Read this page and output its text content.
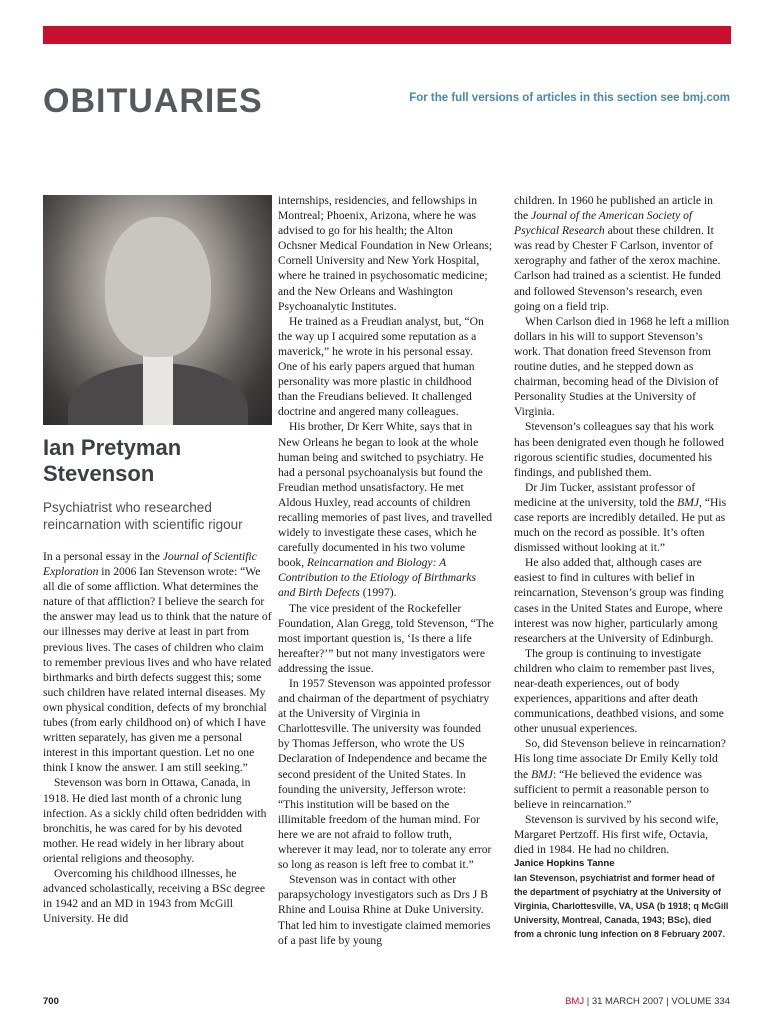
OBITUARIES	For the full versions of articles in this section see bmj.com
Ian Pretyman
Stevenson
Psychiatrist who researched reincarnation with scientific rigour

In a personal essay in the Journal of Scientific Exploration in 2006 Ian Stevenson wrote: “We all die of some affliction. What determines the nature of that affliction? I believe the search for the answer may lead us to think that the nature of our illnesses may derive at least in part from previous lives. The cases of children who claim to remember previous lives and who have related birthmarks and birth defects suggest this; some such children have related internal diseases. My own physical condition, defects of my bronchial tubes (from early childhood on) of which I have written separately, has given me a personal interest in this important question. Let no one think I know the answer. I am still seeking.”

Stevenson was born in Ottawa, Canada, in 1918. He died last month of a chronic lung infection. As a sickly child often bedridden with bronchitis, he was cared for by his devoted mother. He read widely in her library about oriental religions and theosophy.

Overcoming his childhood illnesses, he advanced scholastically, receiving a BSc degree in 1942 and an MD in 1943 from McGill University. He did

internships, residencies, and fellowships in Montreal; Phoenix, Arizona, where he was advised to go for his health; the Alton Ochsner Medical Foundation in New Orleans; Cornell University and New York Hospital, where he trained in psychosomatic medicine; and the New Orleans and Washington Psychoanalytic Institutes.

He trained as a Freudian analyst, but, “On the way up I acquired some reputation as a maverick,” he wrote in his personal essay. One of his early papers argued that human personality was more plastic in childhood than the Freudians believed. It challenged doctrine and angered many colleagues.

His brother, Dr Kerr White, says that in New Orleans he began to look at the whole human being and switched to psychiatry. He had a personal psychoanalysis but found the Freudian method unsatisfactory. He met Aldous Huxley, read accounts of children recalling memories of past lives, and travelled widely to investigate these cases, which he carefully documented in his two volume book, Reincarnation and Biology: A Contribution to the Etiology of Birthmarks and Birth Defects (1997).

The vice president of the Rockefeller Foundation, Alan Gregg, told Stevenson, “The most important question is, ‘Is there a life hereafter?’” but not many investigators were addressing the issue.

In 1957 Stevenson was appointed professor and chairman of the department of psychiatry at the University of Virginia in Charlottesville. The university was founded by Thomas Jefferson, who wrote the US Declaration of Independence and became the second president of the United States. In founding the university, Jefferson wrote: “This institution will be based on the illimitable freedom of the human mind. For here we are not afraid to follow truth, wherever it may lead, nor to tolerate any error so long as reason is left free to combat it.”

Stevenson was in contact with other parapsychology investigators such as Drs J B Rhine and Louisa Rhine at Duke University. That led him to investigate claimed memories of a past life by young

children. In 1960 he published an article in the Journal of the American Society of Psychical Research about these children. It was read by Chester F Carlson, inventor of xerography and father of the xerox machine. Carlson had trained as a scientist. He funded and followed Stevenson’s research, even going on a field trip.

When Carlson died in 1968 he left a million dollars in his will to support Stevenson’s work. That donation freed Stevenson from routine duties, and he stepped down as chairman, becoming head of the Division of Personality Studies at the University of Virginia.

Stevenson’s colleagues say that his work has been denigrated even though he followed rigorous scientific studies, documented his findings, and published them.

Dr Jim Tucker, assistant professor of medicine at the university, told the BMJ, “His case reports are incredibly detailed. He put as much on the record as possible. It’s often dismissed without looking at it.”

He also added that, although cases are easiest to find in cultures with belief in reincarnation, Stevenson’s group was finding cases in the United States and Europe, where interest was now higher, particularly among researchers at the University of Edinburgh.

The group is continuing to investigate children who claim to remember past lives, near-death experiences, out of body experiences, apparitions and after death communications, deathbed visions, and some other unusual experiences.

So, did Stevenson believe in reincarnation? His long time associate Dr Emily Kelly told the BMJ: “He believed the evidence was sufficient to permit a reasonable person to believe in reincarnation.”

Stevenson is survived by his second wife, Margaret Pertzoff. His first wife, Octavia, died in 1984. He had no children.

Janice Hopkins Tanne

Ian Stevenson, psychiatrist and former head of the department of psychiatry at the University of Virginia, Charlottesville, VA, USA (b 1918; q McGill University, Montreal, Canada, 1943; BSc), died from a chronic lung infection on 8 February 2007.

700	BMJ | 31 MARCH 2007 | VOLUME 334
